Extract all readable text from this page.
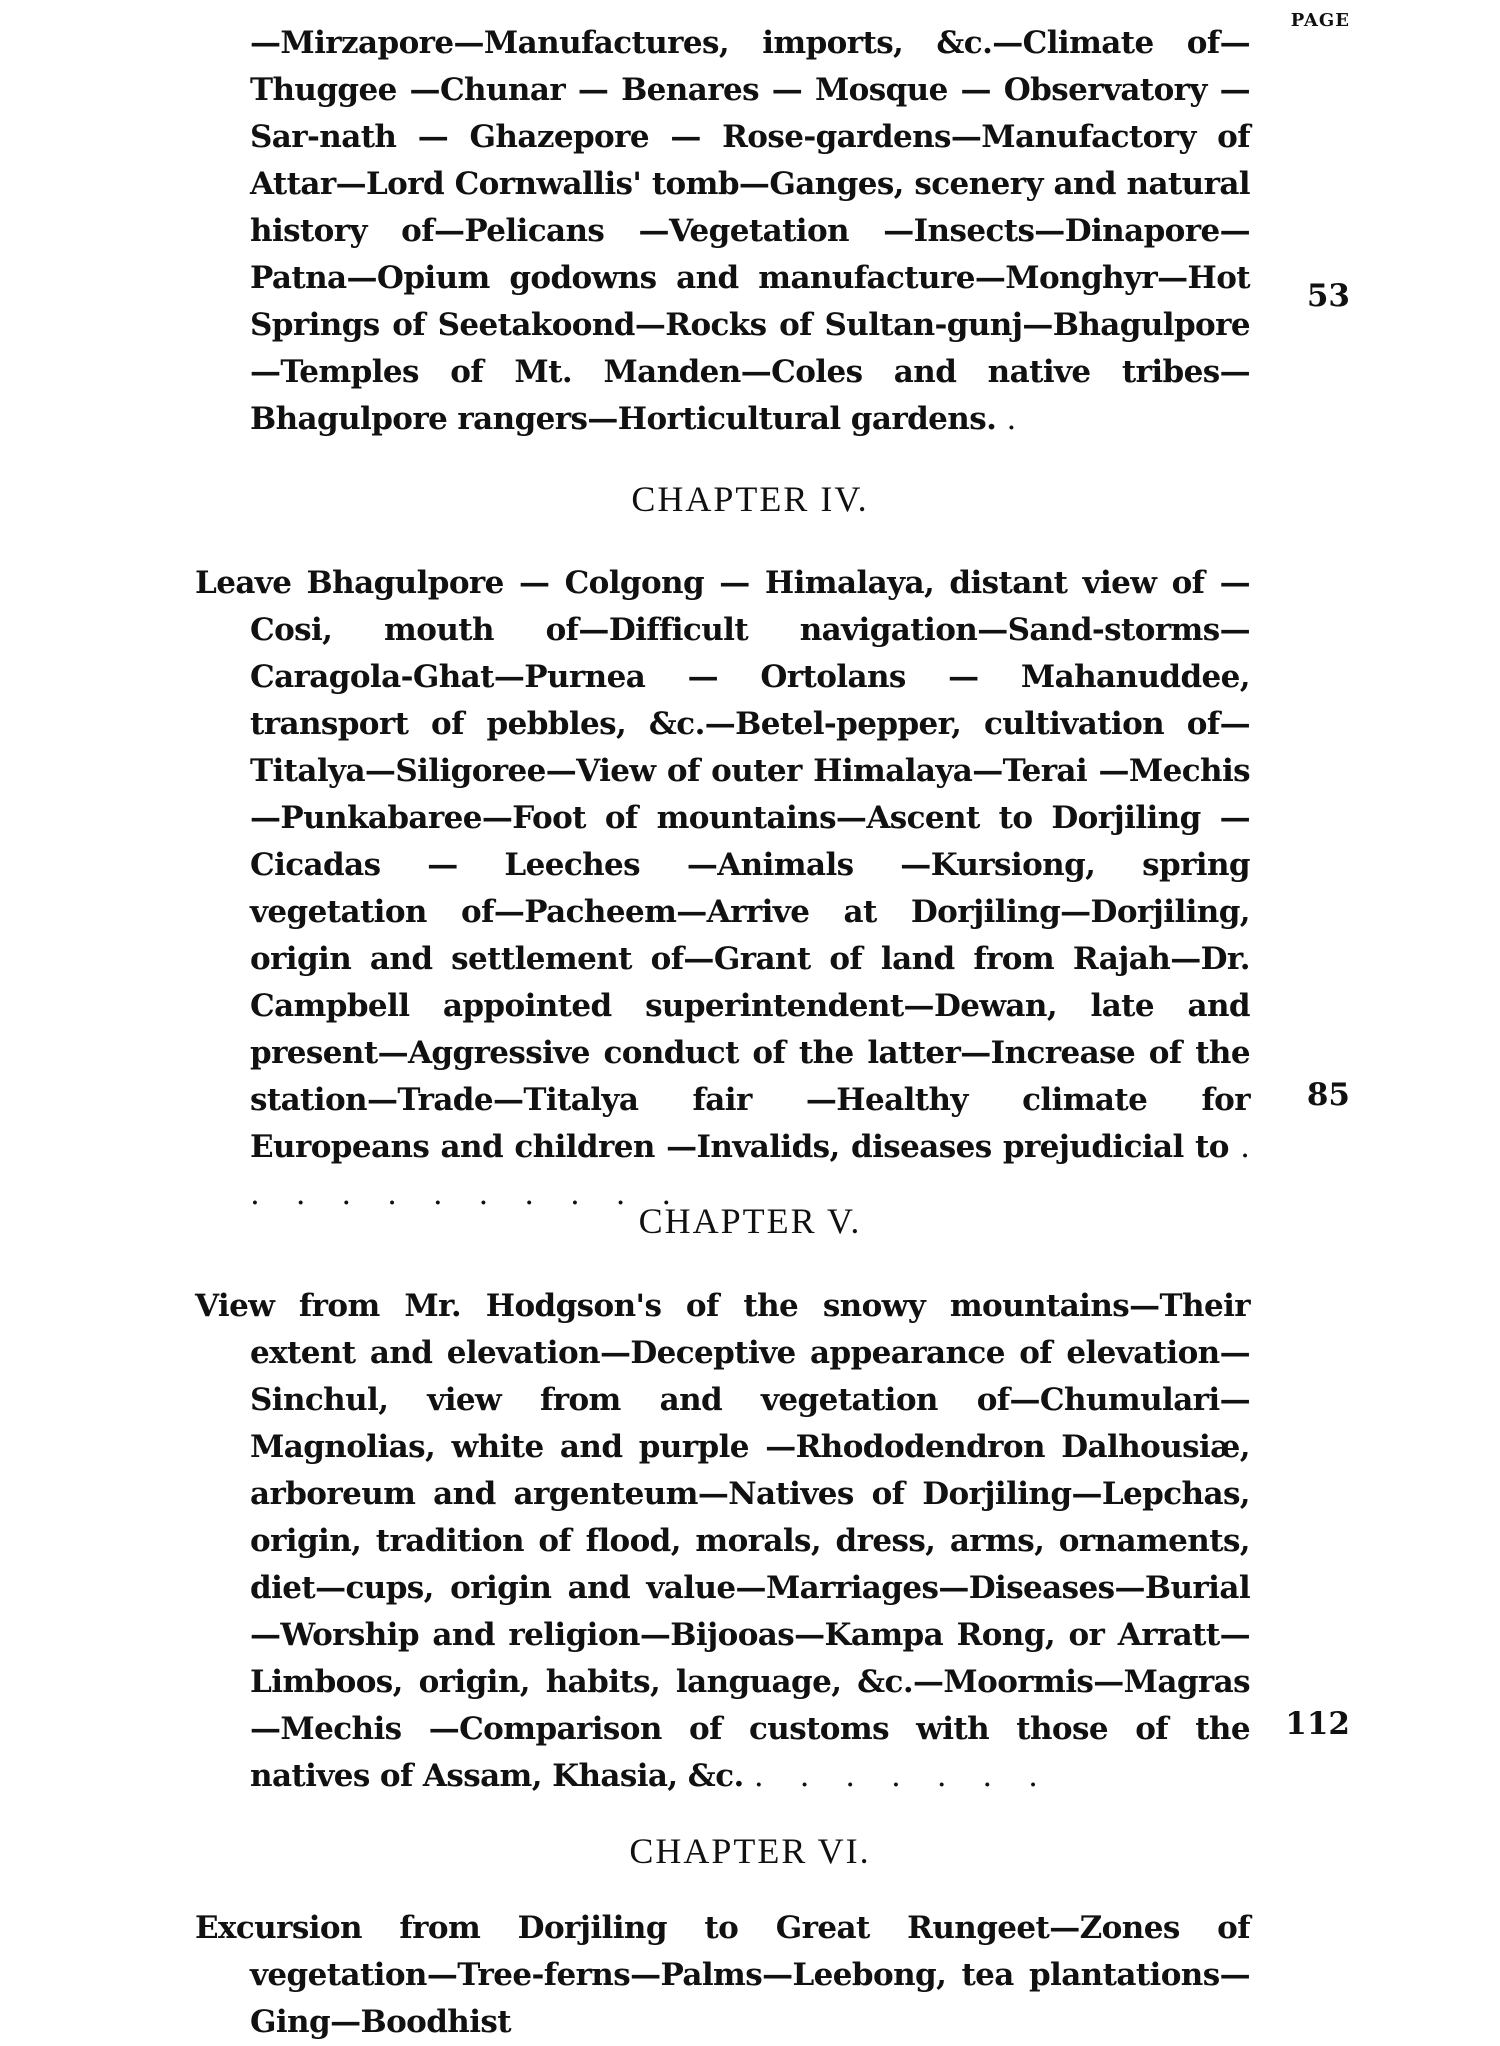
PAGE
—Mirzapore—Manufactures, imports, &c.—Climate of—Thuggee —Chunar — Benares — Mosque — Observatory — Sar-nath — Ghazepore — Rose-gardens—Manufactory of Attar—Lord Cornwallis' tomb—Ganges, scenery and natural history of—Pelicans —Vegetation —Insects—Dinapore—Patna—Opium godowns and manufacture—Monghyr—Hot Springs of Seetakoond—Rocks of Sultan-gunj—Bhagulpore—Temples of Mt. Manden—Coles and native tribes—Bhagulpore rangers—Horticultural gardens. .
53
CHAPTER IV.
Leave Bhagulpore — Colgong — Himalaya, distant view of — Cosi, mouth of—Difficult navigation—Sand-storms—Caragola-Ghat—Purnea — Ortolans — Mahanuddee, transport of pebbles, &c.—Betel-pepper, cultivation of—Titalya—Siligoree—View of outer Himalaya—Terai —Mechis—Punkabaree—Foot of mountains—Ascent to Dorjiling —Cicadas — Leeches —Animals —Kursiong, spring vegetation of—Pacheem—Arrive at Dorjiling—Dorjiling, origin and settlement of—Grant of land from Rajah—Dr. Campbell appointed superintendent—Dewan, late and present—Aggressive conduct of the latter—Increase of the station—Trade—Titalya fair —Healthy climate for Europeans and children —Invalids, diseases prejudicial to . . . . . . . . . . .
85
CHAPTER V.
View from Mr. Hodgson's of the snowy mountains—Their extent and elevation—Deceptive appearance of elevation—Sinchul, view from and vegetation of—Chumulari—Magnolias, white and purple —Rhododendron Dalhousiæ, arboreum and argenteum—Natives of Dorjiling—Lepchas, origin, tradition of flood, morals, dress, arms, ornaments, diet—cups, origin and value—Marriages—Diseases—Burial—Worship and religion—Bijooas—Kampa Rong, or Arratt—Limboos, origin, habits, language, &c.—Moormis—Magras —Mechis —Comparison of customs with those of the natives of Assam, Khasia, &c. . . . . . . .
112
CHAPTER VI.
Excursion from Dorjiling to Great Rungeet—Zones of vegetation—Tree-ferns—Palms—Leebong, tea plantations—Ging—Boodhist
